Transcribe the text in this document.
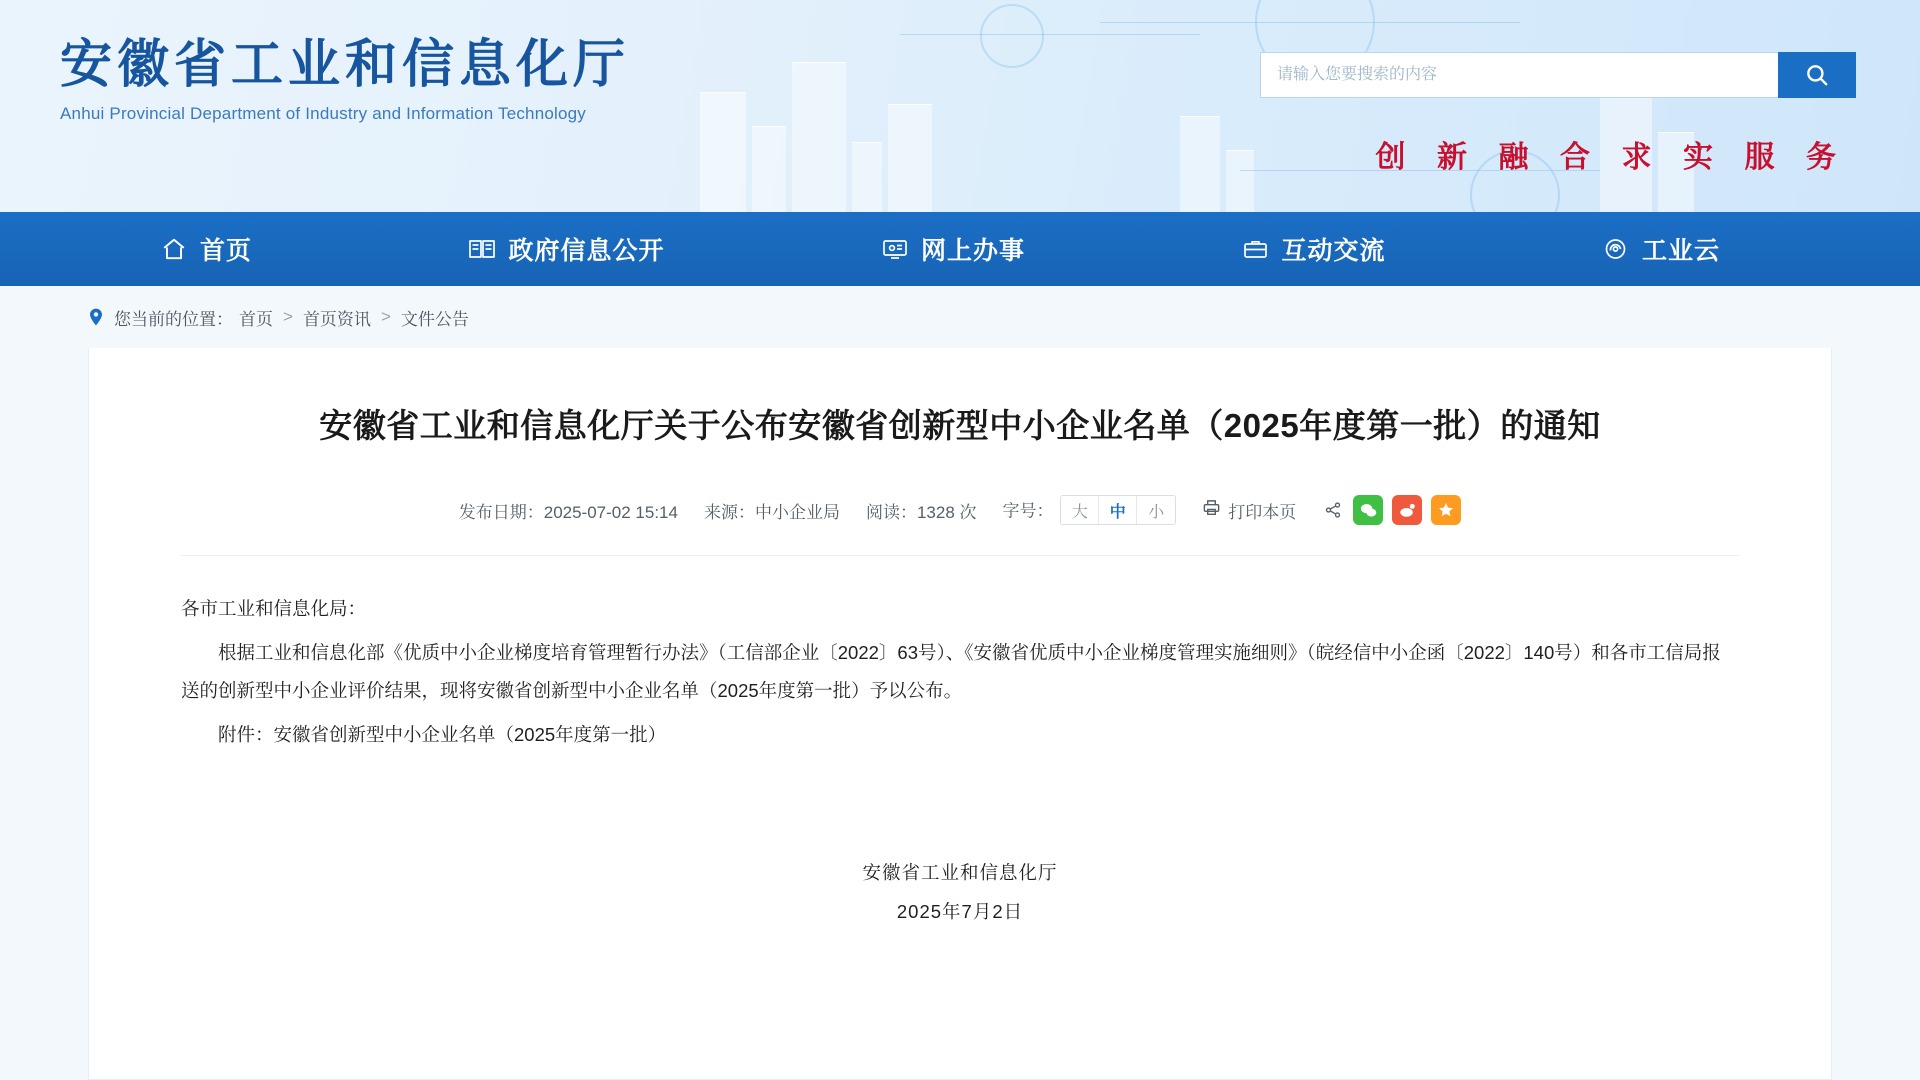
安徽省工业和信息化厅
Anhui Provincial Department of Industry and Information Technology
请输入您要搜索的内容
创 新 融 合 求 实 服 务
首页	政府信息公开	网上办事	互动交流	工业云
您当前的位置： 首页 > 首页资讯 > 文件公告
安徽省工业和信息化厅关于公布安徽省创新型中小企业名单（2025年度第一批）的通知
发布日期：2025-07-02 15:14 来源：中小企业局 阅读：1328 次 字号：	大	中	小	打印本页

各市工业和信息化局：

根据工业和信息化部《优质中小企业梯度培育管理暂行办法》（工信部企业〔2022〕63号）、《安徽省优质中小企业梯度管理实施细则》（皖经信中小企函〔2022〕140号）和各市工信局报送的创新型中小企业评价结果，现将安徽省创新型中小企业名单（2025年度第一批）予以公布。

附件：安徽省创新型中小企业名单（2025年度第一批）

安徽省工业和信息化厅
2025年7月2日
